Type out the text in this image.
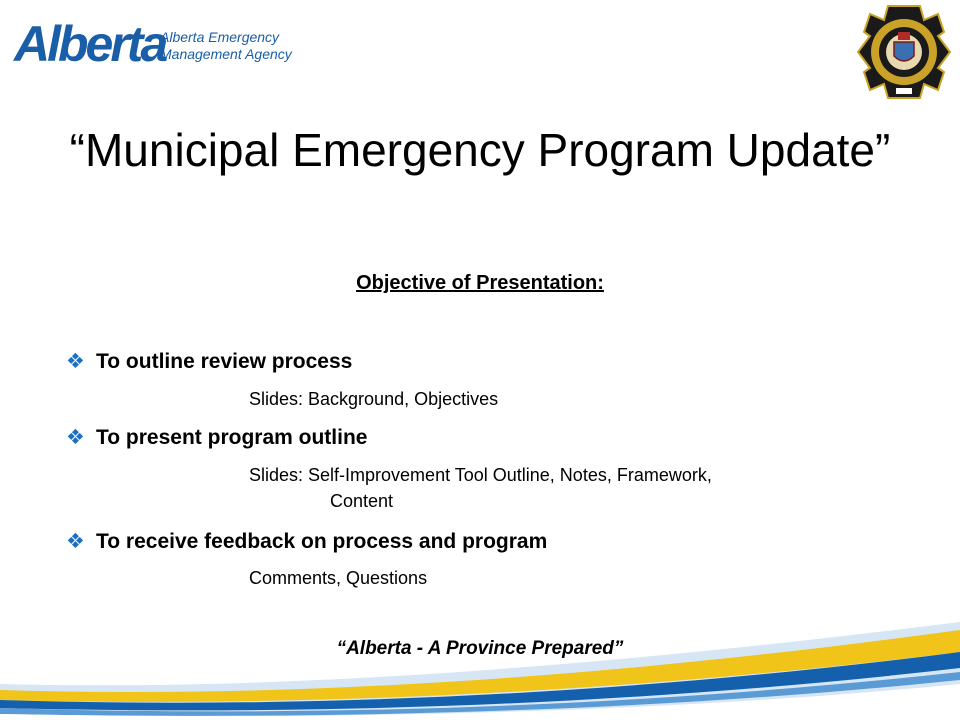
Alberta
Alberta Emergency
Management Agency
“Municipal Emergency Program Update”
Objective of Presentation:
❖ To outline review process
Slides: Background, Objectives
❖ To present program outline
Slides: Self-Improvement Tool Outline, Notes, Framework,
Content
❖ To receive feedback on process and program
Comments, Questions
“Alberta - A Province Prepared”
